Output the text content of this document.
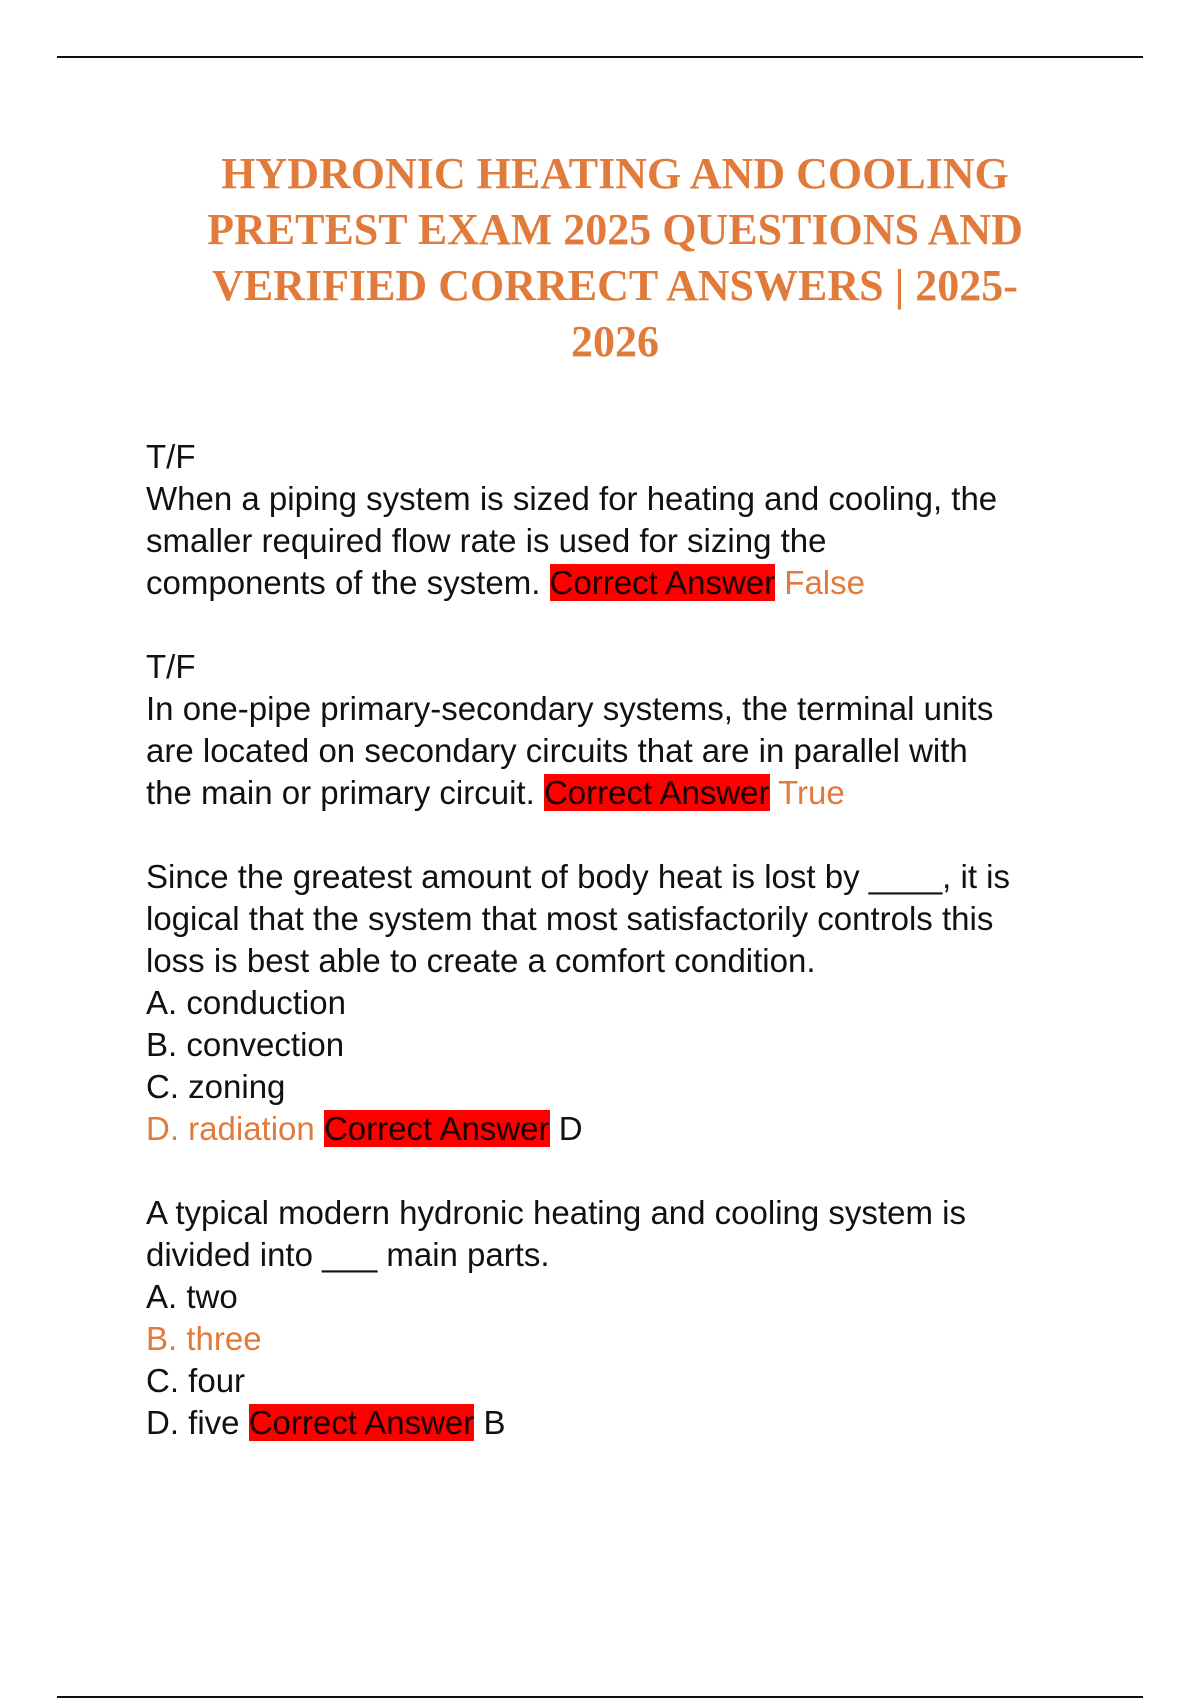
HYDRONIC HEATING AND COOLING
PRETEST EXAM 2025 QUESTIONS AND
VERIFIED CORRECT ANSWERS | 2025-
2026
T/F
When a piping system is sized for heating and cooling, the
smaller required flow rate is used for sizing the
components of the system. Correct Answer False
T/F
In one-pipe primary-secondary systems, the terminal units
are located on secondary circuits that are in parallel with
the main or primary circuit. Correct Answer True
Since the greatest amount of body heat is lost by ____, it is
logical that the system that most satisfactorily controls this
loss is best able to create a comfort condition.
A. conduction
B. convection
C. zoning
D. radiation Correct Answer D
A typical modern hydronic heating and cooling system is
divided into ___ main parts.
A. two
B. three
C. four
D. five Correct Answer B
